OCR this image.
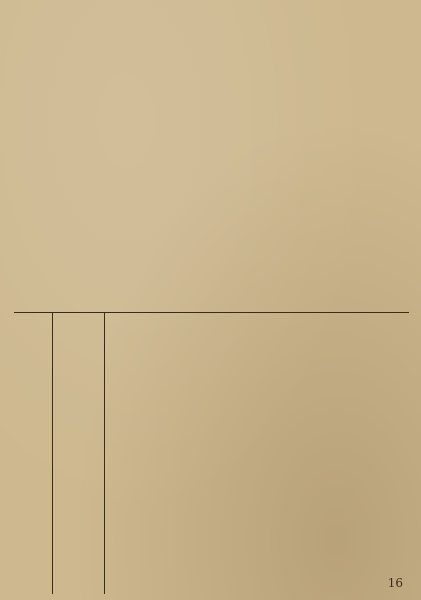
16
